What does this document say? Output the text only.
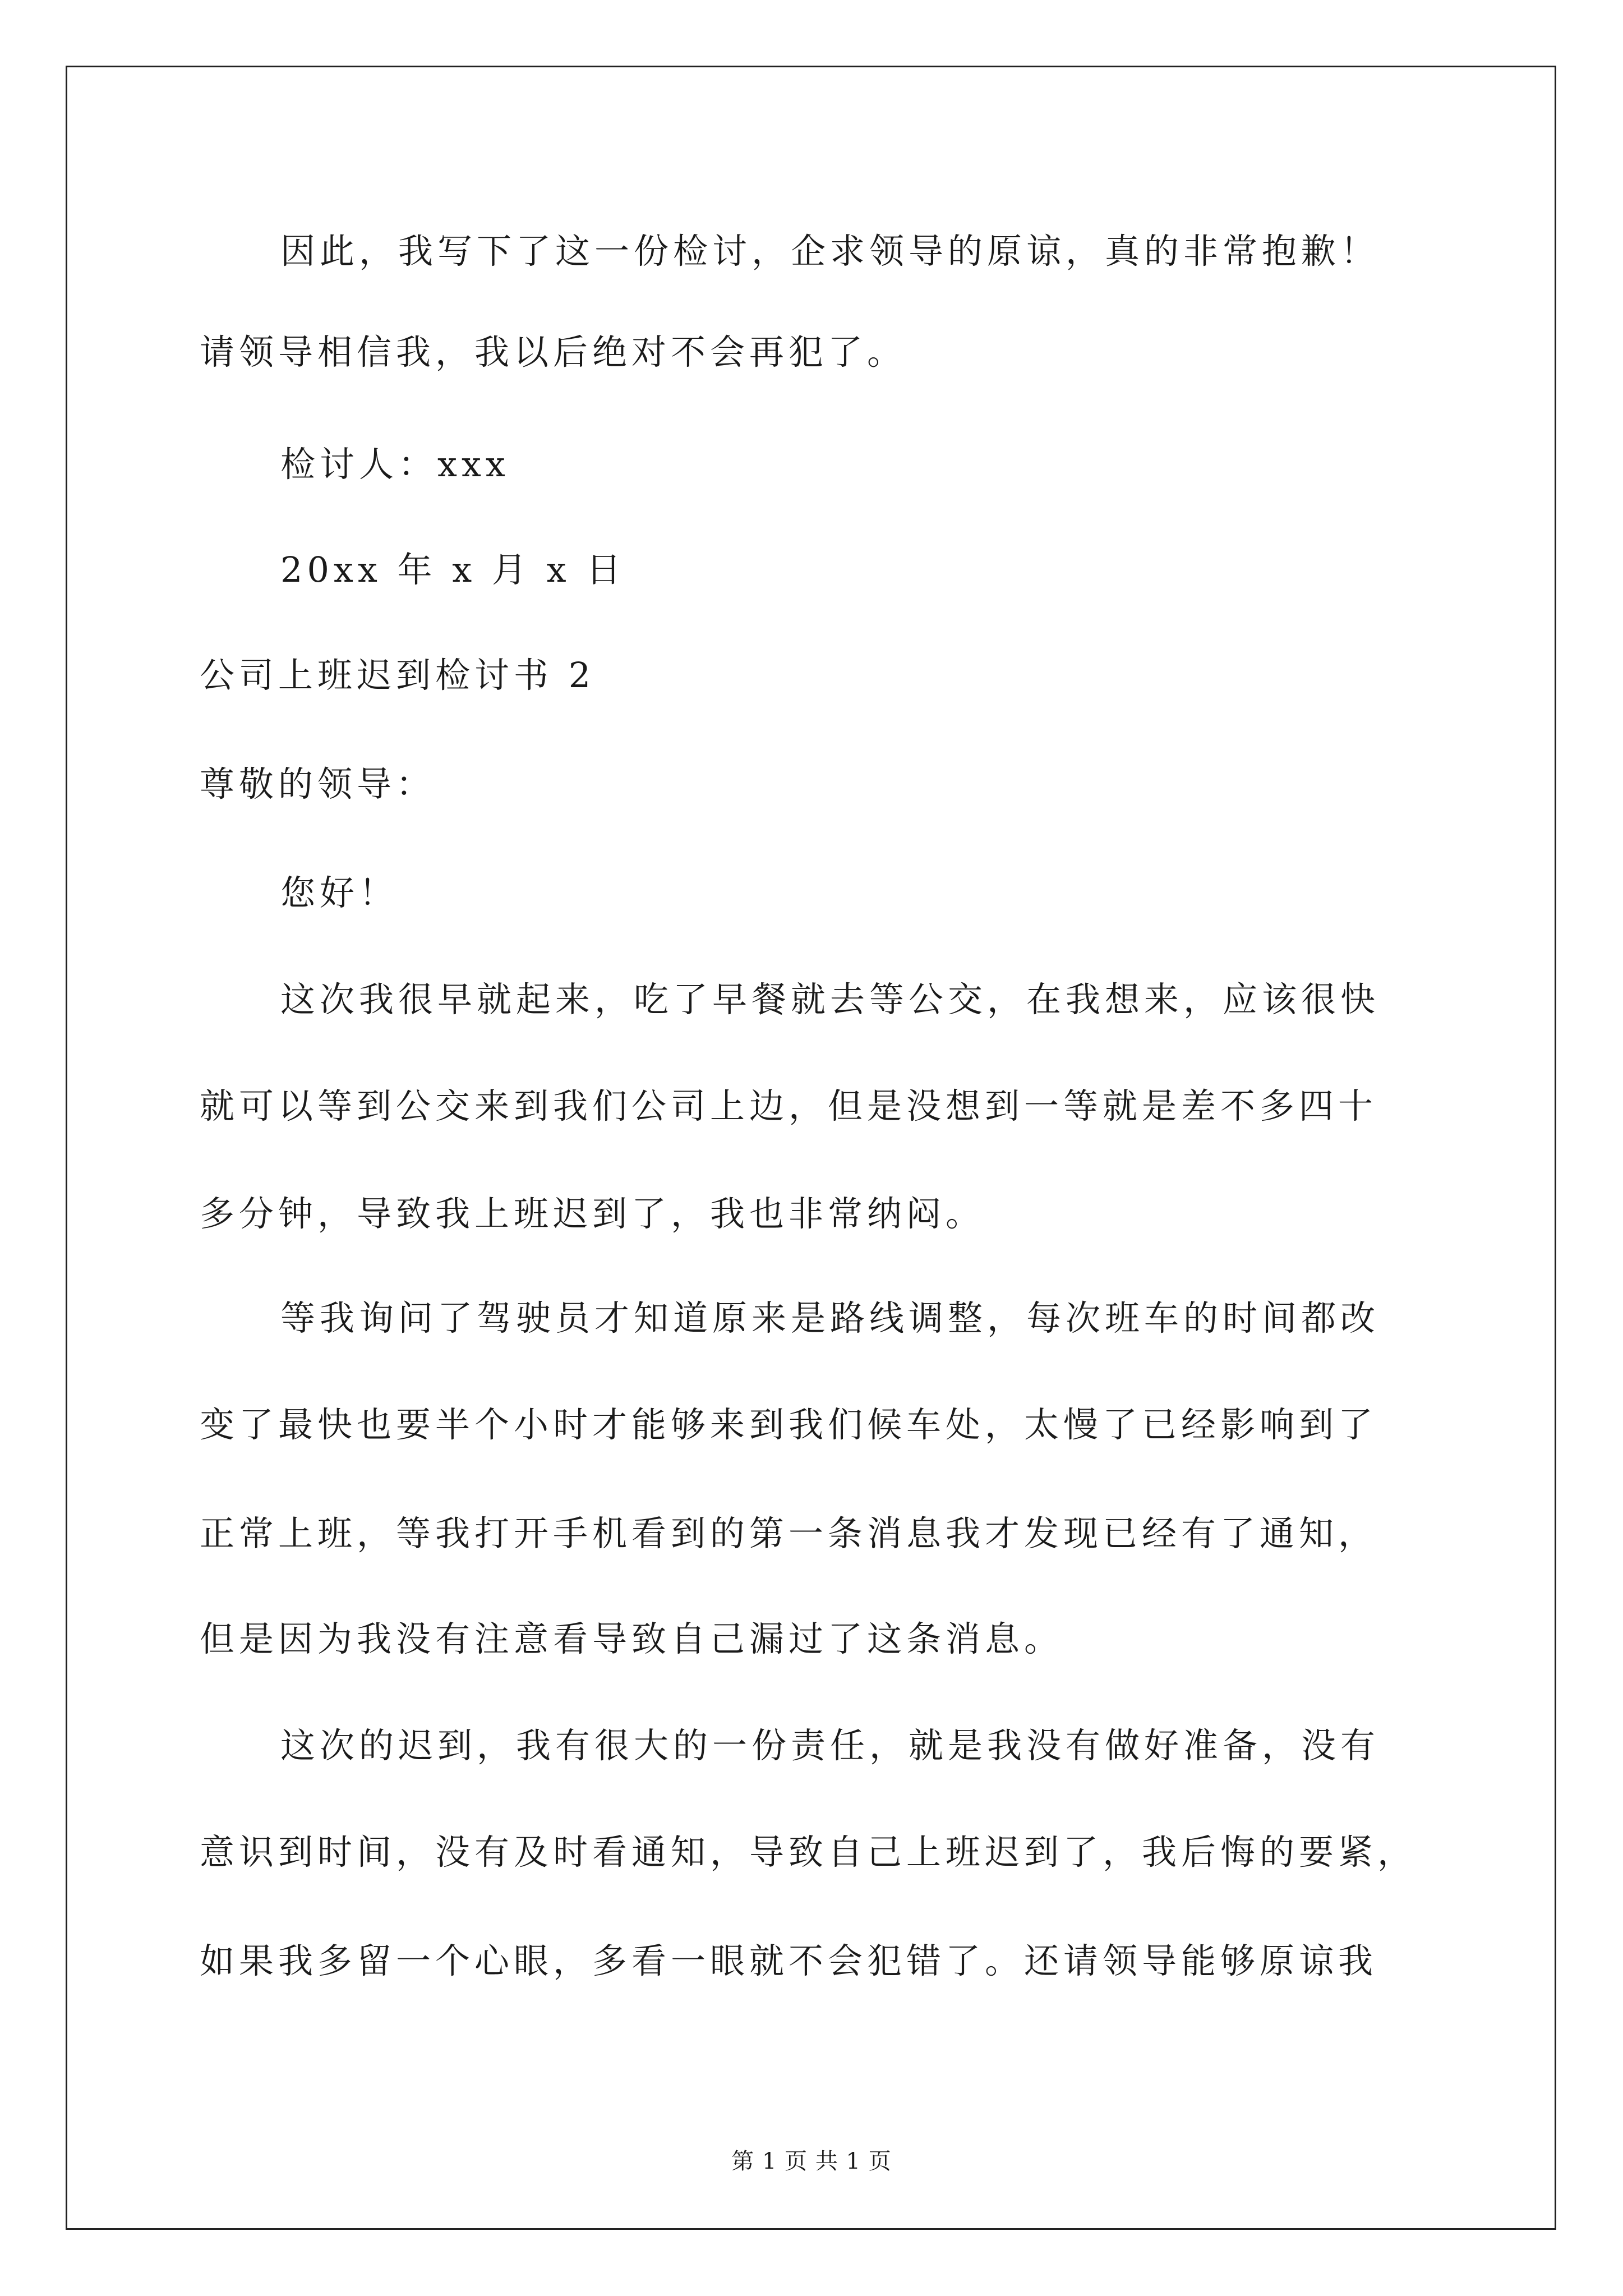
因此，我写下了这一份检讨，企求领导的原谅，真的非常抱歉！
请领导相信我，我以后绝对不会再犯了。
检讨人：xxx
20xx 年 x 月 x 日
公司上班迟到检讨书 2
尊敬的领导：
您好！
这次我很早就起来，吃了早餐就去等公交，在我想来，应该很快
就可以等到公交来到我们公司上边，但是没想到一等就是差不多四十
多分钟，导致我上班迟到了，我也非常纳闷。
等我询问了驾驶员才知道原来是路线调整，每次班车的时间都改
变了最快也要半个小时才能够来到我们候车处，太慢了已经影响到了
正常上班，等我打开手机看到的第一条消息我才发现已经有了通知，
但是因为我没有注意看导致自己漏过了这条消息。
这次的迟到，我有很大的一份责任，就是我没有做好准备，没有
意识到时间，没有及时看通知，导致自己上班迟到了，我后悔的要紧，
如果我多留一个心眼，多看一眼就不会犯错了。还请领导能够原谅我
第 1 页 共 1 页
